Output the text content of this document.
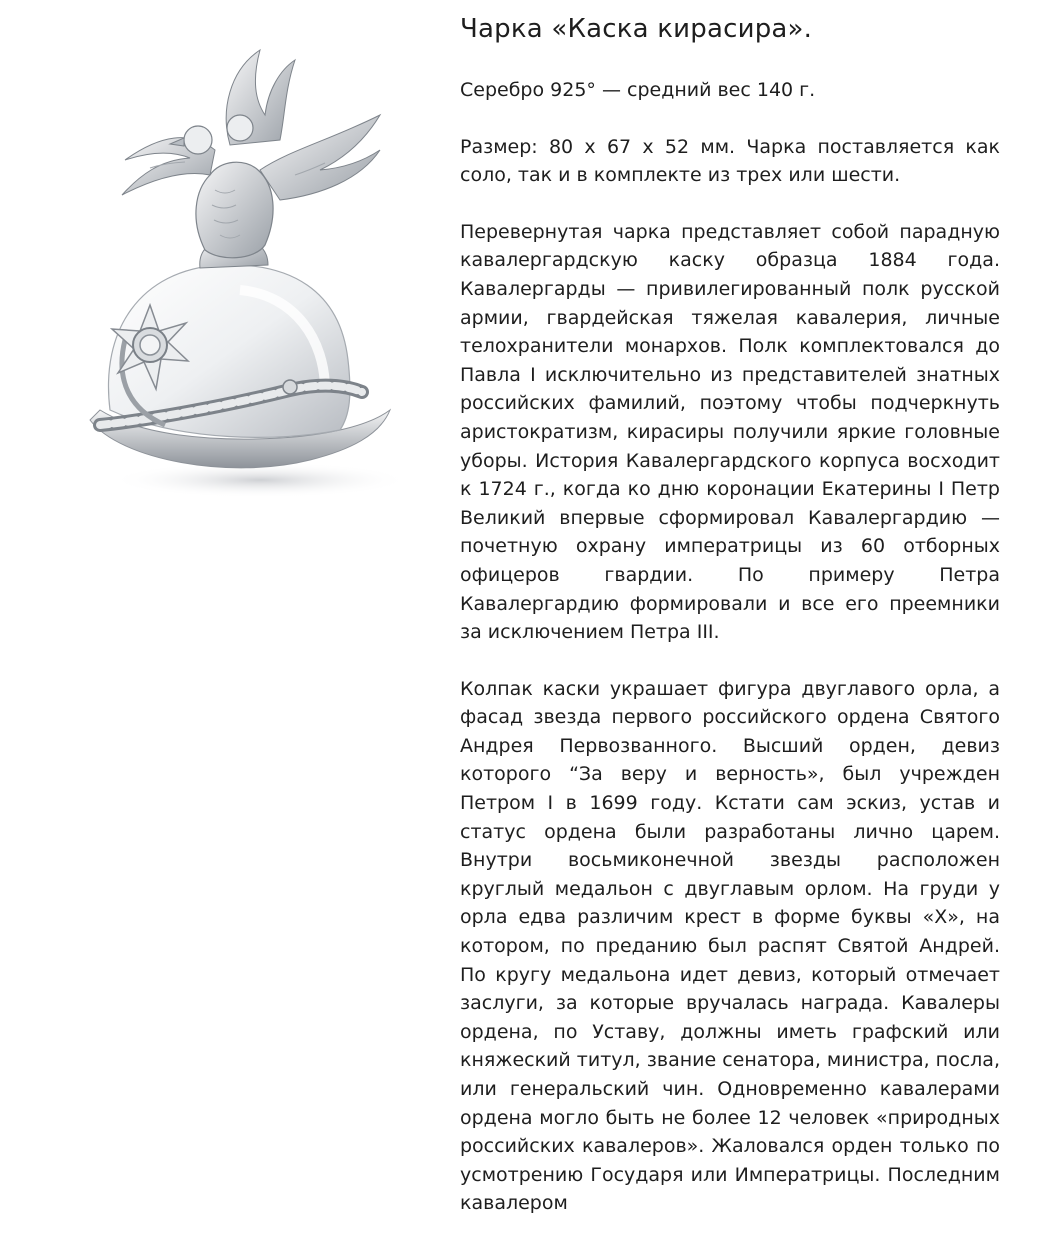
Чарка «Каска кирасира».

Серебро 925° — средний вес 140 г.

Размер: 80 х 67 х 52 мм. Чарка поставляется как соло, так и в комплекте из трех или шести.

Перевернутая чарка представляет собой парадную кавалергардскую каску образца 1884 года. Кавалергарды — привилегированный полк русской армии, гвардейская тяжелая кавалерия, личные телохранители монархов. Полк комплектовался до Павла I исключительно из представителей знатных российских фамилий, поэтому чтобы подчеркнуть аристократизм, кирасиры получили яркие головные уборы. История Кавалергардского корпуса восходит к 1724 г., когда ко дню коронации Екатерины I Петр Великий впервые сформировал Кавалергардию — почетную охрану императрицы из 60 отборных офицеров гвардии. По примеру Петра Кавалергардию формировали и все его преемники за исключением Петра III.

Колпак каски украшает фигура двуглавого орла, а фасад звезда первого российского ордена Святого Андрея Первозванного. Высший орден, девиз которого “За веру и верность», был учрежден Петром I в 1699 году. Кстати сам эскиз, устав и статус ордена были разработаны лично царем. Внутри восьмиконечной звезды расположен круглый медальон с двуглавым орлом. На груди у орла едва различим крест в форме буквы «Х», на котором, по преданию был распят Святой Андрей. По кругу медальона идет девиз, который отмечает заслуги, за которые вручалась награда. Кавалеры ордена, по Уставу, должны иметь графский или княжеский титул, звание сенатора, министра, посла, или генеральский чин. Одновременно кавалерами ордена могло быть не более 12 человек «природных российских кавалеров». Жаловался орден только по усмотрению Государя или Императрицы. Последним кавалером
